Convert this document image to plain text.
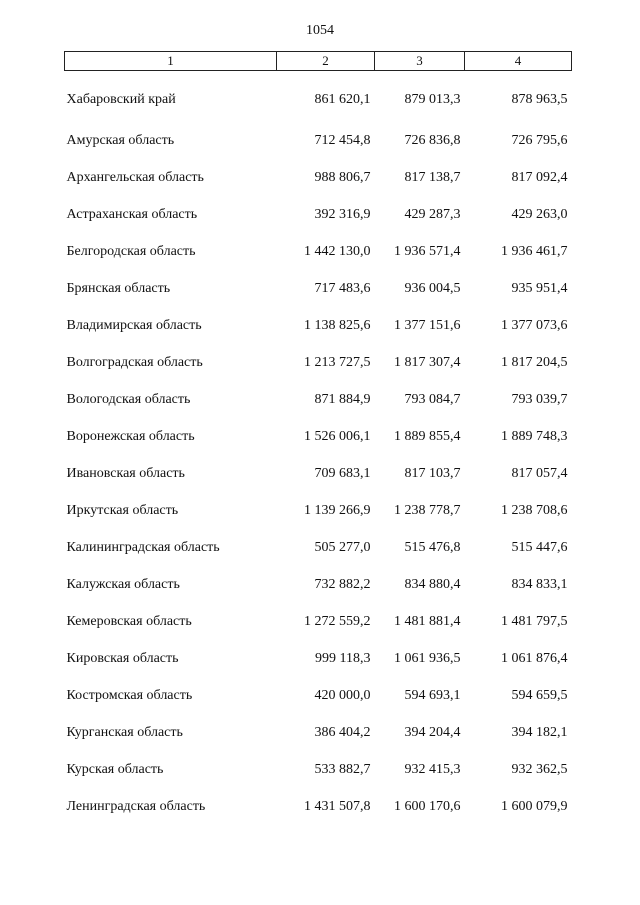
1054
1	2	3	4
Хабаровский край	861 620,1	879 013,3	878 963,5
Амурская область	712 454,8	726 836,8	726 795,6
Архангельская область	988 806,7	817 138,7	817 092,4
Астраханская область	392 316,9	429 287,3	429 263,0
Белгородская область	1 442 130,0	1 936 571,4	1 936 461,7
Брянская область	717 483,6	936 004,5	935 951,4
Владимирская область	1 138 825,6	1 377 151,6	1 377 073,6
Волгоградская область	1 213 727,5	1 817 307,4	1 817 204,5
Вологодская область	871 884,9	793 084,7	793 039,7
Воронежская область	1 526 006,1	1 889 855,4	1 889 748,3
Ивановская область	709 683,1	817 103,7	817 057,4
Иркутская область	1 139 266,9	1 238 778,7	1 238 708,6
Калининградская область	505 277,0	515 476,8	515 447,6
Калужская область	732 882,2	834 880,4	834 833,1
Кемеровская область	1 272 559,2	1 481 881,4	1 481 797,5
Кировская область	999 118,3	1 061 936,5	1 061 876,4
Костромская область	420 000,0	594 693,1	594 659,5
Курганская область	386 404,2	394 204,4	394 182,1
Курская область	533 882,7	932 415,3	932 362,5
Ленинградская область	1 431 507,8	1 600 170,6	1 600 079,9
